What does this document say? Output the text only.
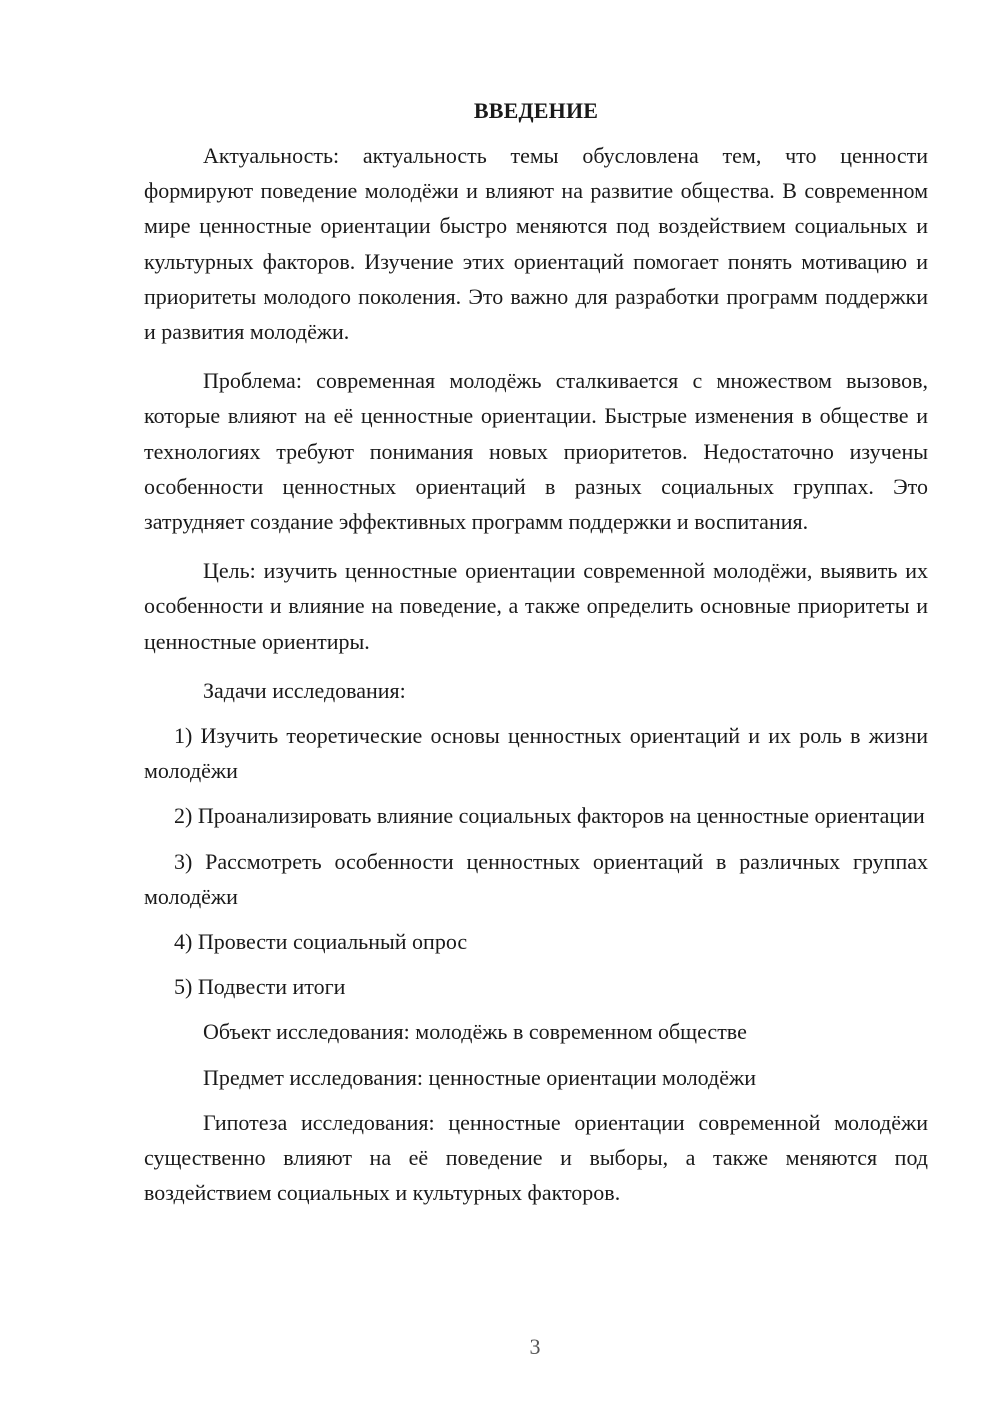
ВВЕДЕНИЕ

Актуальность: актуальность темы обусловлена тем, что ценности формируют поведение молодёжи и влияют на развитие общества. В современном мире ценностные ориентации быстро меняются под воздействием социальных и культурных факторов. Изучение этих ориентаций помогает понять мотивацию и приоритеты молодого поколения. Это важно для разработки программ поддержки и развития молодёжи.

Проблема: современная молодёжь сталкивается с множеством вызовов, которые влияют на её ценностные ориентации. Быстрые изменения в обществе и технологиях требуют понимания новых приоритетов. Недостаточно изучены особенности ценностных ориентаций в разных социальных группах. Это затрудняет создание эффективных программ поддержки и воспитания.

Цель: изучить ценностные ориентации современной молодёжи, выявить их особенности и влияние на поведение, а также определить основные приоритеты и ценностные ориентиры.

Задачи исследования:

1) Изучить теоретические основы ценностных ориентаций и их роль в жизни молодёжи

2) Проанализировать влияние социальных факторов на ценностные ориентации

3) Рассмотреть особенности ценностных ориентаций в различных группах молодёжи

4) Провести социальный опрос

5) Подвести итоги

Объект исследования: молодёжь в современном обществе

Предмет исследования: ценностные ориентации молодёжи

Гипотеза исследования: ценностные ориентации современной молодёжи существенно влияют на её поведение и выборы, а также меняются под воздействием социальных и культурных факторов.

3
